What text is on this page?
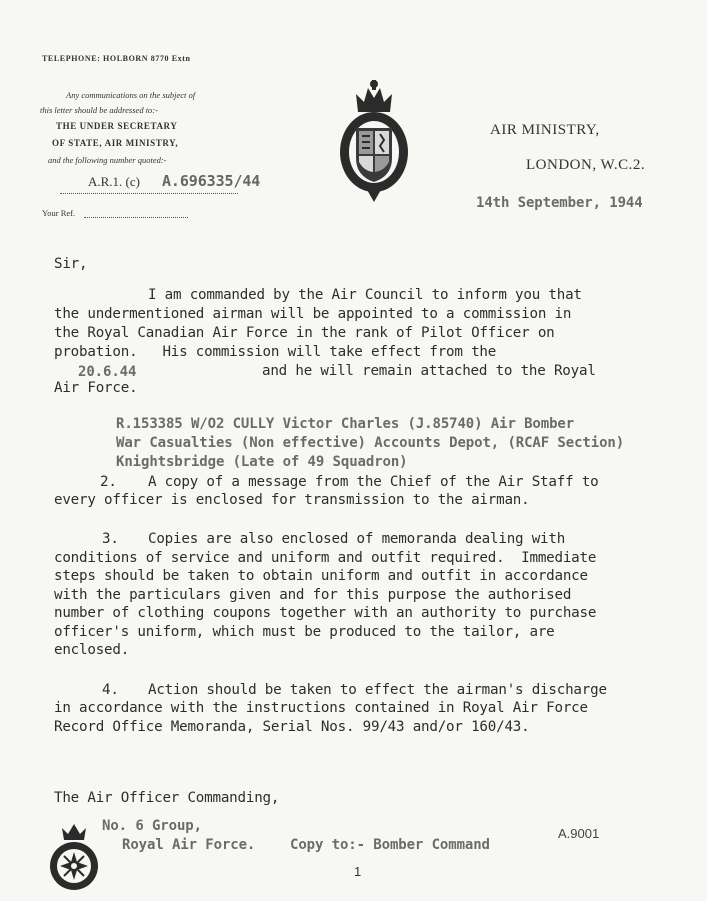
TELEPHONE: HOLBORN 8770 Extn
Any communications on the subject of
this letter should be addressed to:-
THE UNDER SECRETARY
OF STATE, AIR MINISTRY,
and the following number quoted:-
A.R.1. (c) A.696335/44
Your Ref.
AIR MINISTRY,
LONDON, W.C.2.
14th September, 1944
Sir,
I am commanded by the Air Council to inform you that
the undermentioned airman will be appointed to a commission in
the Royal Canadian Air Force in the rank of Pilot Officer on
probation.   His commission will take effect from the
20.6.44	and he will remain attached to the Royal
Air Force.
R.153385 W/O2 CULLY Victor Charles (J.85740) Air Bomber
War Casualties (Non effective) Accounts Depot, (RCAF Section)
Knightsbridge (Late of 49 Squadron)
2. A copy of a message from the Chief of the Air Staff to
every officer is enclosed for transmission to the airman.
3. Copies are also enclosed of memoranda dealing with
conditions of service and uniform and outfit required.  Immediate
steps should be taken to obtain uniform and outfit in accordance
with the particulars given and for this purpose the authorised
number of clothing coupons together with an authority to purchase
officer's uniform, which must be produced to the tailor, are
enclosed.
4. Action should be taken to effect the airman's discharge
in accordance with the instructions contained in Royal Air Force
Record Office Memoranda, Serial Nos. 99/43 and/or 160/43.
The Air Officer Commanding,
No. 6 Group,
Royal Air Force. Copy to:- Bomber Command
A.9001
1
